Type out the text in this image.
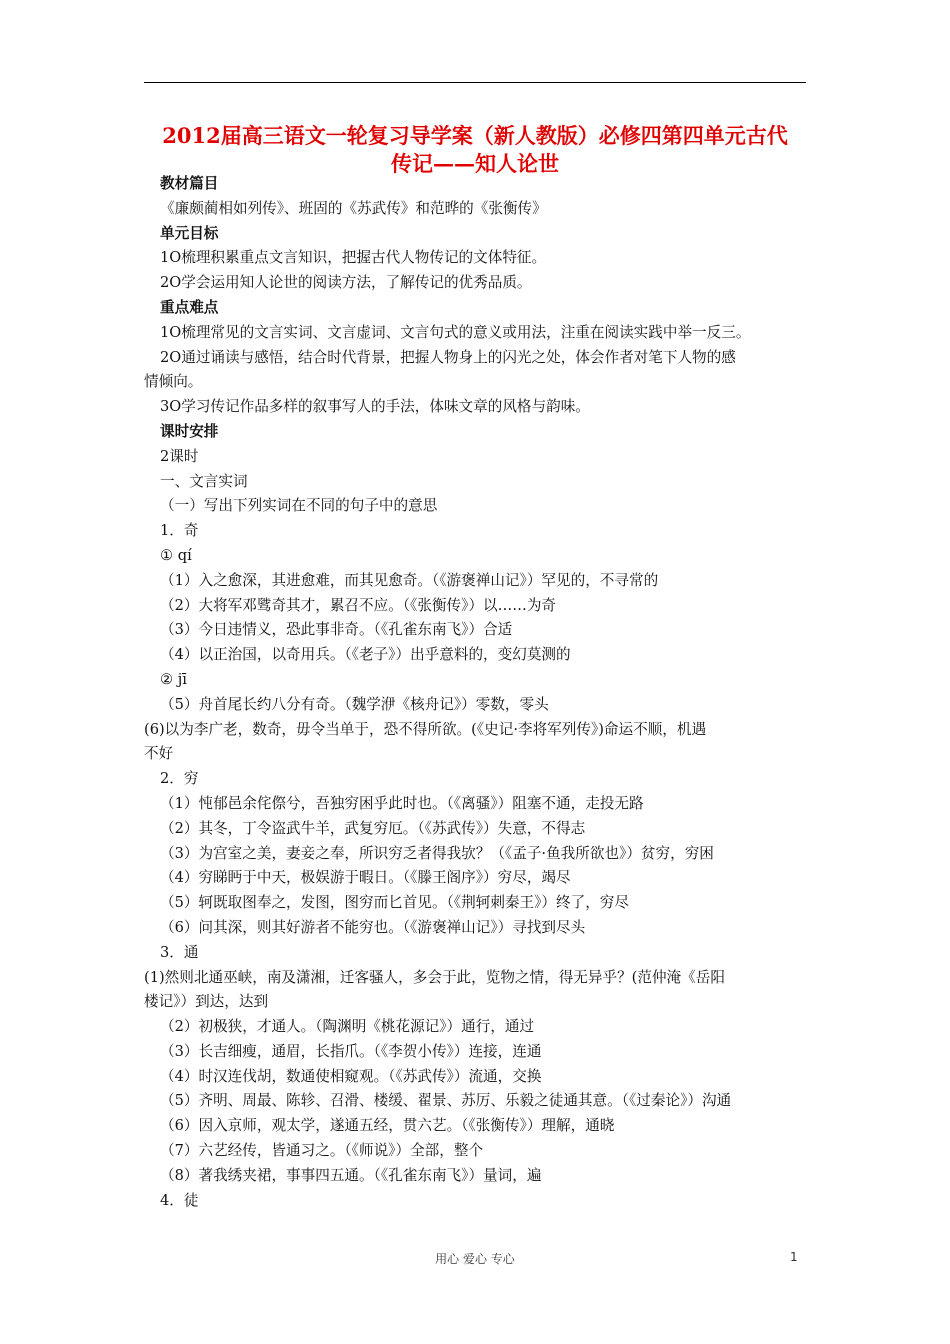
2012届高三语文一轮复习导学案（新人教版）必修四第四单元古代
传记——知人论世

教材篇目

《廉颇蔺相如列传》、班固的《苏武传》和范晔的《张衡传》

单元目标

1O梳理积累重点文言知识，把握古代人物传记的文体特征。

2O学会运用知人论世的阅读方法，了解传记的优秀品质。

重点难点

1O梳理常见的文言实词、文言虚词、文言句式的意义或用法，注重在阅读实践中举一反三。

2O通过诵读与感悟，结合时代背景，把握人物身上的闪光之处，体会作者对笔下人物的感

情倾向。

3O学习传记作品多样的叙事写人的手法，体味文章的风格与韵味。

课时安排

2课时

一、文言实词

（一）写出下列实词在不同的句子中的意思

1．奇

① qí

（1）入之愈深，其进愈难，而其见愈奇。（《游褒禅山记》）罕见的，不寻常的

（2）大将军邓骘奇其才，累召不应。（《张衡传》）以……为奇

（3）今日违情义，恐此事非奇。（《孔雀东南飞》）合适

（4）以正治国，以奇用兵。（《老子》）出乎意料的，变幻莫测的

② jī

（5）舟首尾长约八分有奇。（魏学洢《核舟记》）零数，零头

(6)以为李广老，数奇，毋令当单于，恐不得所欲。(《史记·李将军列传》)命运不顺，机遇

不好

2．穷

（1）忳郁邑余侘傺兮，吾独穷困乎此时也。（《离骚》）阻塞不通，走投无路

（2）其冬，丁令盗武牛羊，武复穷厄。（《苏武传》）失意，不得志

（3）为宫室之美，妻妾之奉，所识穷乏者得我欤？（《孟子·鱼我所欲也》）贫穷，穷困

（4）穷睇眄于中天，极娱游于暇日。（《滕王阁序》）穷尽，竭尽

（5）轲既取图奉之，发图，图穷而匕首见。（《荆轲刺秦王》）终了，穷尽

（6）问其深，则其好游者不能穷也。（《游褒禅山记》）寻找到尽头

3．通

(1)然则北通巫峡，南及潇湘，迁客骚人，多会于此，览物之情，得无异乎？(范仲淹《岳阳

楼记》）到达，达到

（2）初极狭，才通人。（陶渊明《桃花源记》）通行，通过

（3）长吉细瘦，通眉，长指爪。（《李贺小传》）连接，连通

（4）时汉连伐胡，数通使相窥观。（《苏武传》）流通，交换

（5）齐明、周最、陈轸、召滑、楼缓、翟景、苏厉、乐毅之徒通其意。（《过秦论》）沟通

（6）因入京师，观太学，遂通五经，贯六艺。（《张衡传》）理解，通晓

（7）六艺经传，皆通习之。（《师说》）全部，整个

（8）著我绣夹裙，事事四五通。（《孔雀东南飞》）量词，遍

4．徒

用心 爱心 专心	1
